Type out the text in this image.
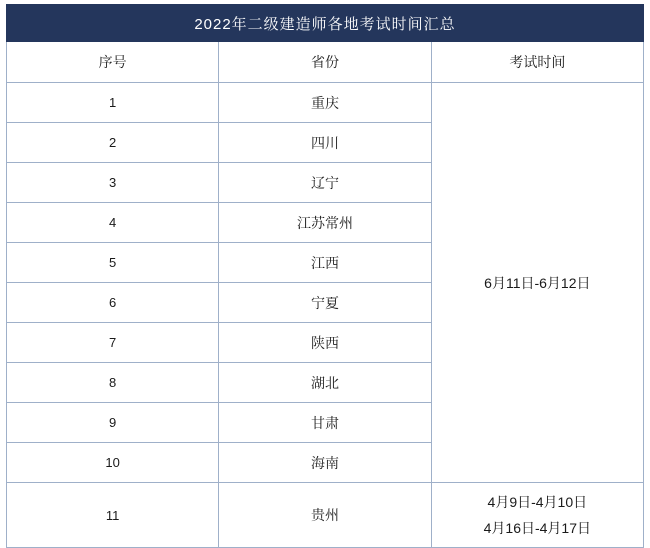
2022年二级建造师各地考试时间汇总		
序号	省份	考试时间
1	重庆	6月11日-6月12日
2	四川	
3	辽宁	
4	江苏常州	
5	江西	
6	宁夏	
7	陕西	
8	湖北	
9	甘肃	
10	海南	
11	贵州	4月9日-4月10日
4月16日-4月17日
